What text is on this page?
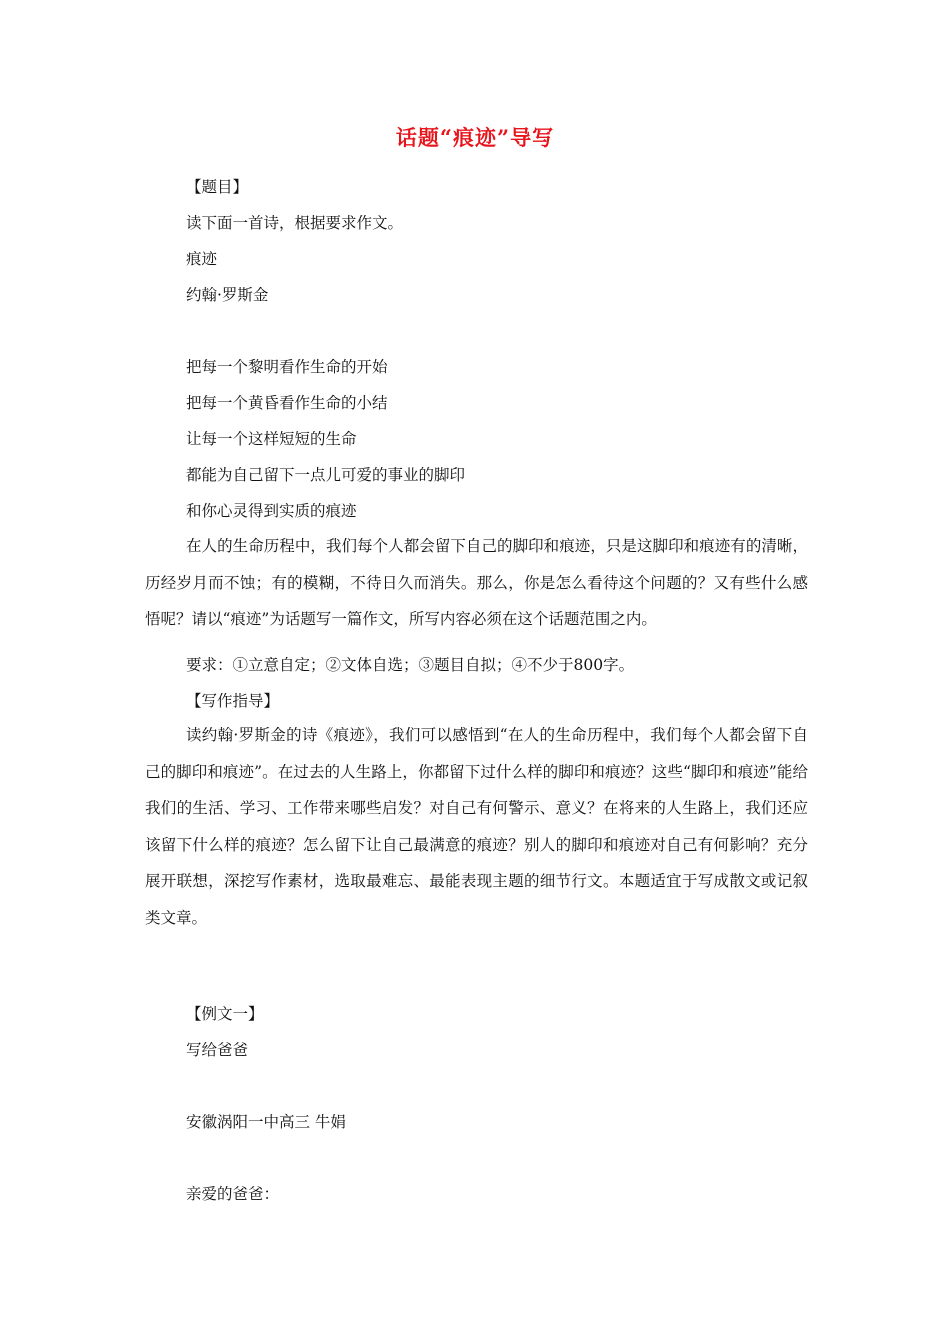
话题“痕迹”导写
【题目】
读下面一首诗，根据要求作文。
痕迹
约翰·罗斯金
把每一个黎明看作生命的开始
把每一个黄昏看作生命的小结
让每一个这样短短的生命
都能为自己留下一点儿可爱的事业的脚印
和你心灵得到实质的痕迹
在人的生命历程中，我们每个人都会留下自己的脚印和痕迹，只是这脚印和痕迹有的清晰，历经岁月而不蚀；有的模糊，不待日久而消失。那么，你是怎么看待这个问题的？又有些什么感悟呢？请以“痕迹”为话题写一篇作文，所写内容必须在这个话题范围之内。
要求：①立意自定；②文体自选；③题目自拟；④不少于800字。
【写作指导】
读约翰·罗斯金的诗《痕迹》，我们可以感悟到“在人的生命历程中，我们每个人都会留下自己的脚印和痕迹”。在过去的人生路上，你都留下过什么样的脚印和痕迹？这些“脚印和痕迹”能给我们的生活、学习、工作带来哪些启发？对自己有何警示、意义？在将来的人生路上，我们还应该留下什么样的痕迹？怎么留下让自己最满意的痕迹？别人的脚印和痕迹对自己有何影响？充分展开联想，深挖写作素材，选取最难忘、最能表现主题的细节行文。本题适宜于写成散文或记叙类文章。
【例文一】
写给爸爸
安徽涡阳一中高三 牛娟
亲爱的爸爸：
